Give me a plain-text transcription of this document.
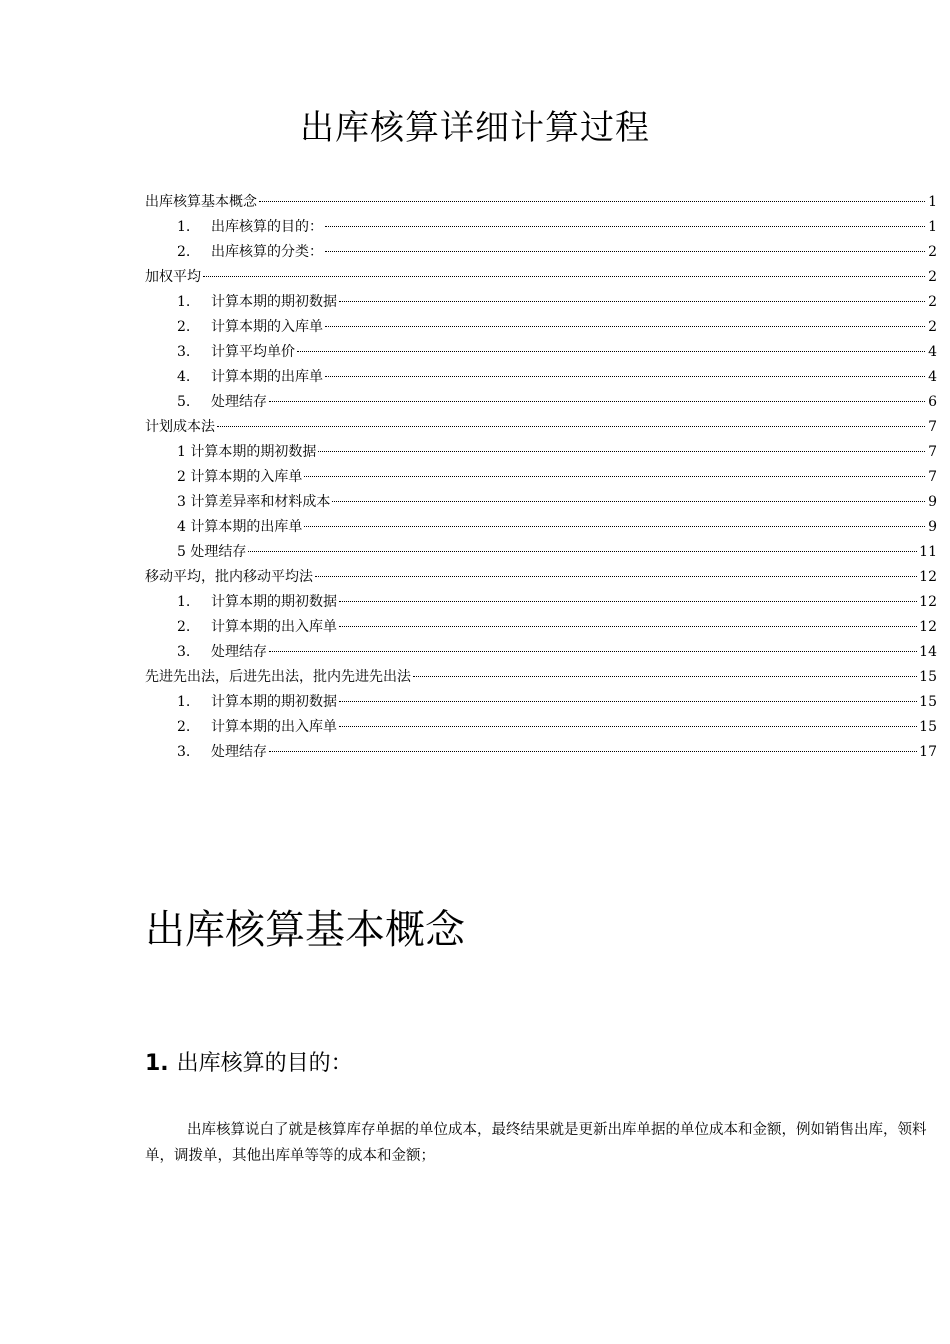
出库核算详细计算过程
出库核算基本概念	1
1.	出库核算的目的：	1
2.	出库核算的分类：	2
加权平均	2
1.	计算本期的期初数据	2
2.	计算本期的入库单	2
3.	计算平均单价	4
4.	计算本期的出库单	4
5.	处理结存	6
计划成本法	7
1 计算本期的期初数据	7
2 计算本期的入库单	7
3 计算差异率和材料成本	9
4 计算本期的出库单	9
5 处理结存	11
移动平均，批内移动平均法	12
1.	计算本期的期初数据	12
2.	计算本期的出入库单	12
3.	处理结存	14
先进先出法，后进先出法，批内先进先出法	15
1.	计算本期的期初数据	15
2.	计算本期的出入库单	15
3.	处理结存	17
出库核算基本概念
1. 出库核算的目的：

出库核算说白了就是核算库存单据的单位成本，最终结果就是更新出库单据的单位成本和金额，例如销售出库，领料单，调拨单，其他出库单等等的成本和金额；
